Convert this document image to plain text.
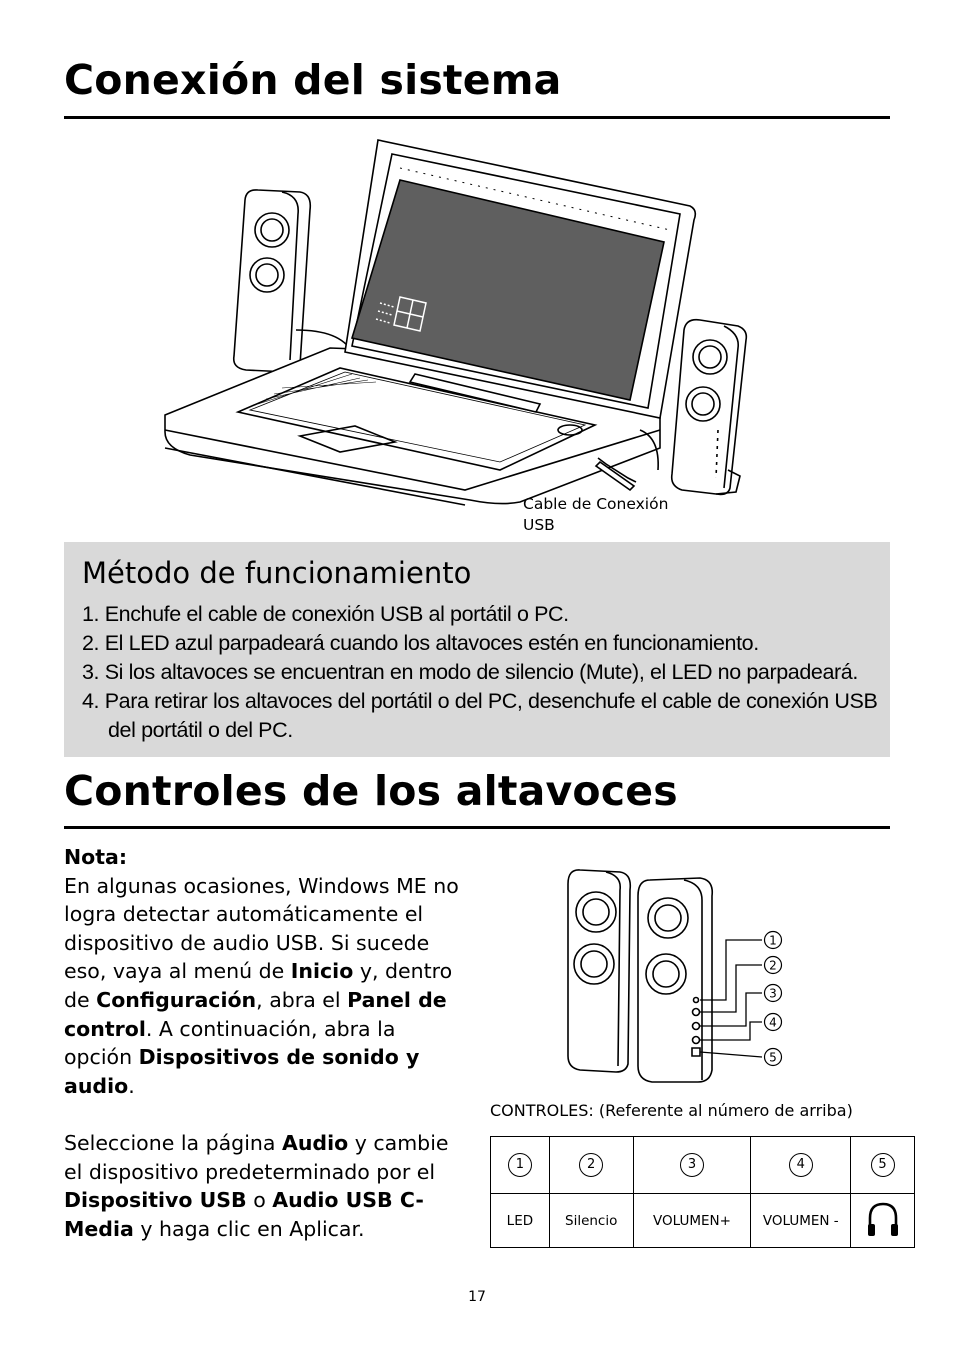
Conexión del sistema
Cable de Conexión
USB
Método de funcionamiento
1. Enchufe el cable de conexión USB al portátil o PC.
2. El LED azul parpadeará cuando los altavoces estén en funcionamiento.
3. Si los altavoces se encuentran en modo de silencio (Mute), el LED no parpadeará.
4. Para retirar los altavoces del portátil o del PC, desenchufe el cable de conexión USB del portátil o del PC.
Controles de los altavoces

Nota:

En algunas ocasiones, Windows ME no logra detectar automáticamente el dispositivo de audio USB. Si sucede eso, vaya al menú de Inicio y, dentro de Configuración, abra el Panel de control. A continuación, abra la opción Dispositivos de sonido y audio.

Seleccione la página Audio y cambie el dispositivo predeterminado por el Dispositivo USB o Audio USB C-Media y haga clic en Aplicar.

1
2
3
4
5
CONTROLES: (Referente al número de arriba)
1	2	3	4	5
LED	Silencio	VOLUMEN+	VOLUMEN -	
17
